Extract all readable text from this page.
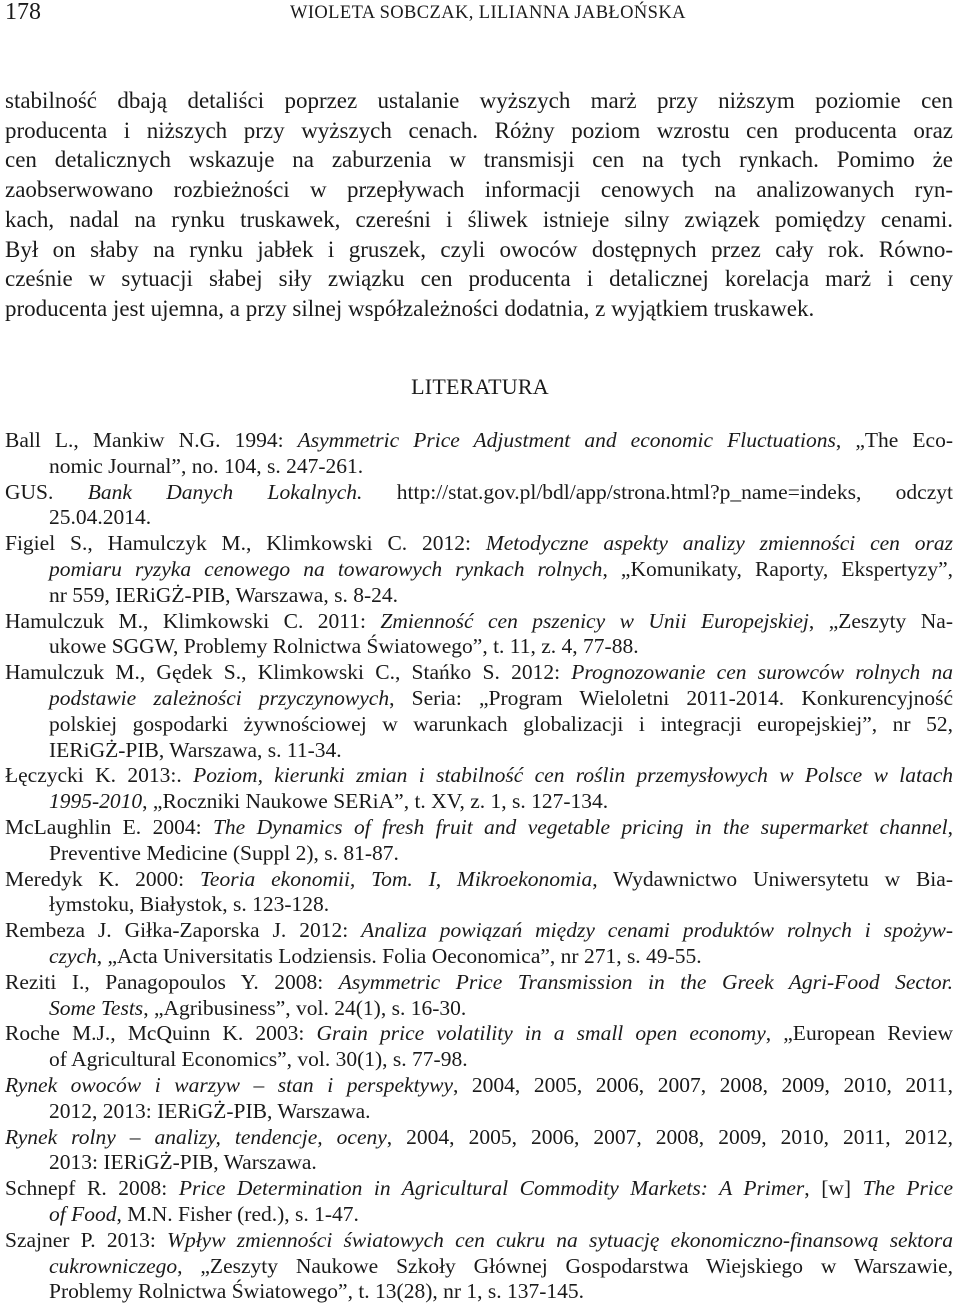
178	WIOLETA SOBCZAK, LILIANNA JABŁOŃSKA
stabilność dbają detaliści poprzez ustalanie wyższych marż przy niższym poziomie cen
producenta i niższych przy wyższych cenach. Różny poziom wzrostu cen producenta oraz
cen detalicznych wskazuje na zaburzenia w transmisji cen na tych rynkach. Pomimo że
zaobserwowano rozbieżności w przepływach informacji cenowych na analizowanych ryn-
kach, nadal na rynku truskawek, czereśni i śliwek istnieje silny związek pomiędzy cenami.
Był on słaby na rynku jabłek i gruszek, czyli owoców dostępnych przez cały rok. Równo-
cześnie w sytuacji słabej siły związku cen producenta i detalicznej korelacja marż i ceny
producenta jest ujemna, a przy silnej współzależności dodatnia, z wyjątkiem truskawek.
LITERATURA

Ball L., Mankiw N.G. 1994: Asymmetric Price Adjustment and economic Fluctuations, „The Eco-
nomic Journal”, no. 104, s. 247-261.

GUS. Bank Danych Lokalnych. http://stat.gov.pl/bdl/app/strona.html?p_name=indeks, odczyt
25.04.2014.

Figiel S., Hamulczyk M., Klimkowski C. 2012: Metodyczne aspekty analizy zmienności cen oraz
pomiaru ryzyka cenowego na towarowych rynkach rolnych, „Komunikaty, Raporty, Ekspertyzy”,
nr 559, IERiGŻ-PIB, Warszawa, s. 8-24.

Hamulczuk M., Klimkowski C. 2011: Zmienność cen pszenicy w Unii Europejskiej, „Zeszyty Na-
ukowe SGGW, Problemy Rolnictwa Światowego”, t. 11, z. 4, 77-88.

Hamulczuk M., Gędek S., Klimkowski C., Stańko S. 2012: Prognozowanie cen surowców rolnych na
podstawie zależności przyczynowych, Seria: „Program Wieloletni 2011-2014. Konkurencyjność
polskiej gospodarki żywnościowej w warunkach globalizacji i integracji europejskiej”, nr 52,
IERiGŻ-PIB, Warszawa, s. 11-34.

Łęczycki K. 2013:. Poziom, kierunki zmian i stabilność cen roślin przemysłowych w Polsce w latach
1995-2010, „Roczniki Naukowe SERiA”, t. XV, z. 1, s. 127-134.

McLaughlin E. 2004: The Dynamics of fresh fruit and vegetable pricing in the supermarket channel,
Preventive Medicine (Suppl 2), s. 81-87.

Meredyk K. 2000: Teoria ekonomii, Tom. I, Mikroekonomia, Wydawnictwo Uniwersytetu w Bia-
łymstoku, Białystok, s. 123-128.

Rembeza J. Giłka-Zaporska J. 2012: Analiza powiązań między cenami produktów rolnych i spożyw-
czych, „Acta Universitatis Lodziensis. Folia Oeconomica”, nr 271, s. 49-55.

Reziti I., Panagopoulos Y. 2008: Asymmetric Price Transmission in the Greek Agri-Food Sector.
Some Tests, „Agribusiness”, vol. 24(1), s. 16-30.

Roche M.J., McQuinn K. 2003: Grain price volatility in a small open economy, „European Review
of Agricultural Economics”, vol. 30(1), s. 77-98.

Rynek owoców i warzyw – stan i perspektywy, 2004, 2005, 2006, 2007, 2008, 2009, 2010, 2011,
2012, 2013: IERiGŻ-PIB, Warszawa.

Rynek rolny – analizy, tendencje, oceny, 2004, 2005, 2006, 2007, 2008, 2009, 2010, 2011, 2012,
2013: IERiGŻ-PIB, Warszawa.

Schnepf R. 2008: Price Determination in Agricultural Commodity Markets: A Primer, [w] The Price
of Food, M.N. Fisher (red.), s. 1-47.

Szajner P. 2013: Wpływ zmienności światowych cen cukru na sytuację ekonomiczno-finansową sektora
cukrowniczego, „Zeszyty Naukowe Szkoły Głównej Gospodarstwa Wiejskiego w Warszawie,
Problemy Rolnictwa Światowego”, t. 13(28), nr 1, s. 137-145.
